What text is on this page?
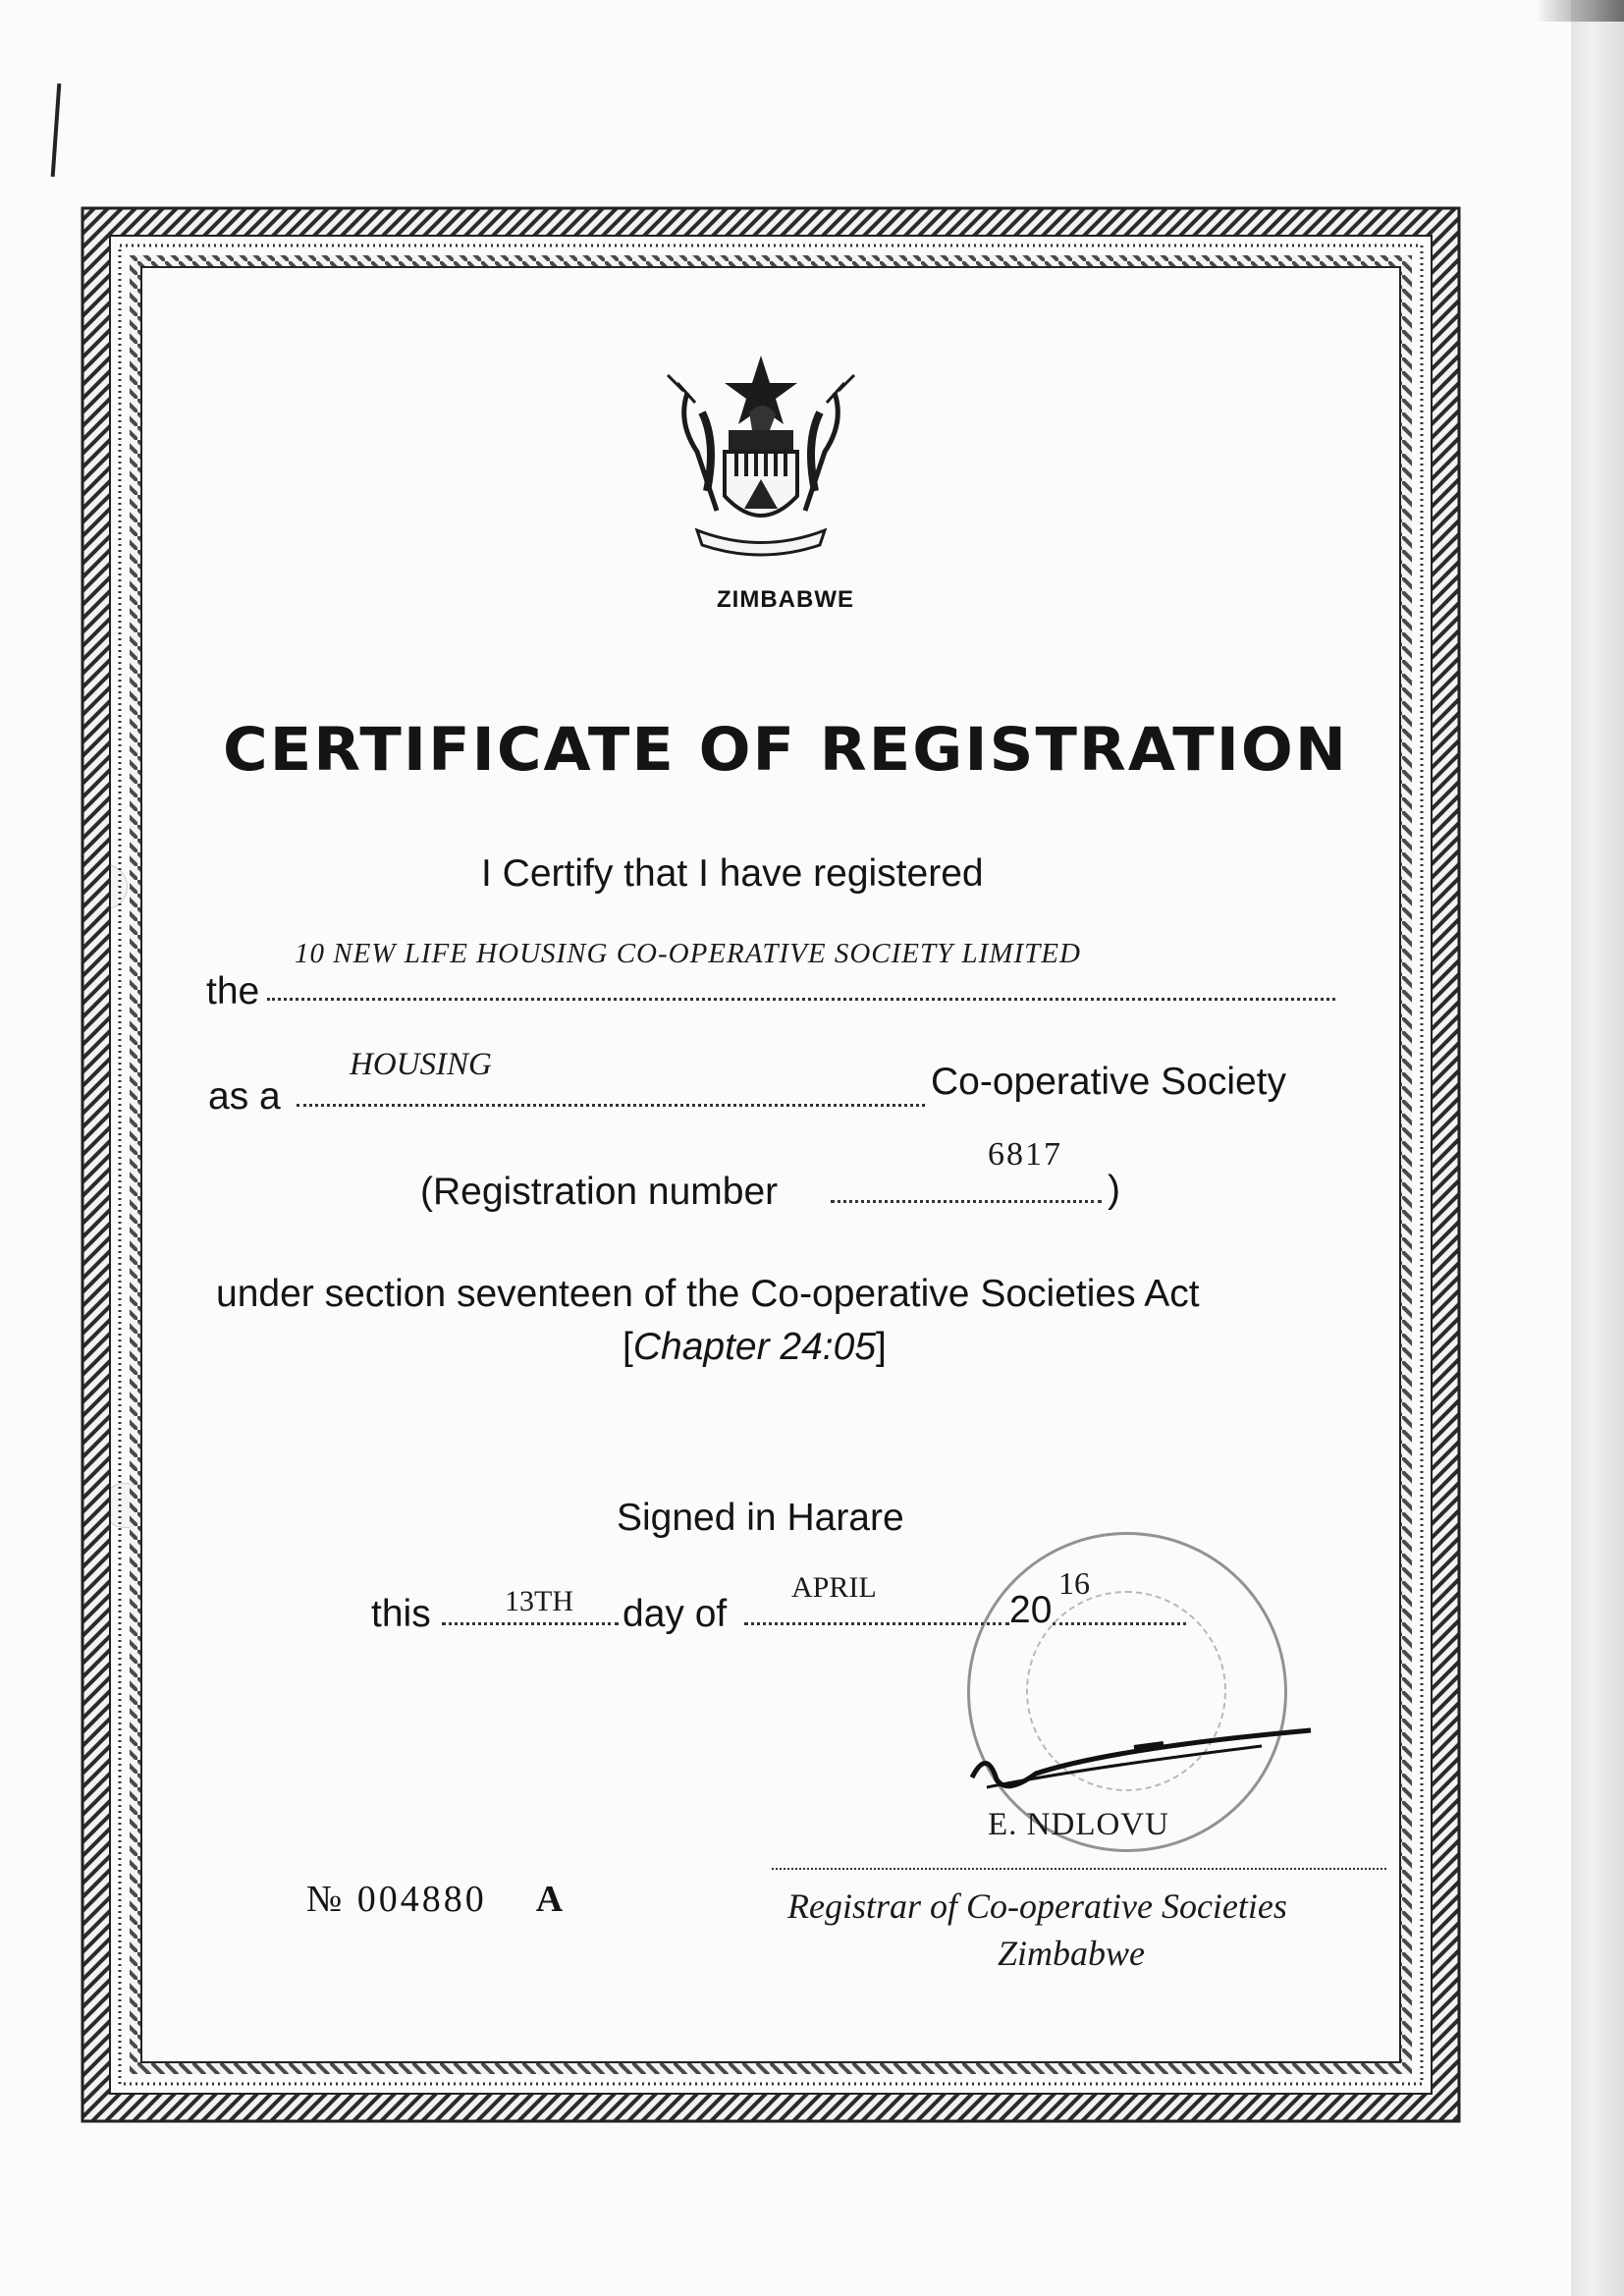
ZIMBABWE
CERTIFICATE OF REGISTRATION
I Certify that I have registered
the
10 NEW LIFE HOUSING CO-OPERATIVE SOCIETY LIMITED
as a
HOUSING	Co-operative Society
(Registration number	)
6817
under section seventeen of the Co-operative Societies Act
[Chapter 24:05]
Signed in Harare
this	13TH day of
APRIL
20
16
E. NDLOVU
№ 004880 A	Registrar of Co-operative Societies
Zimbabwe
